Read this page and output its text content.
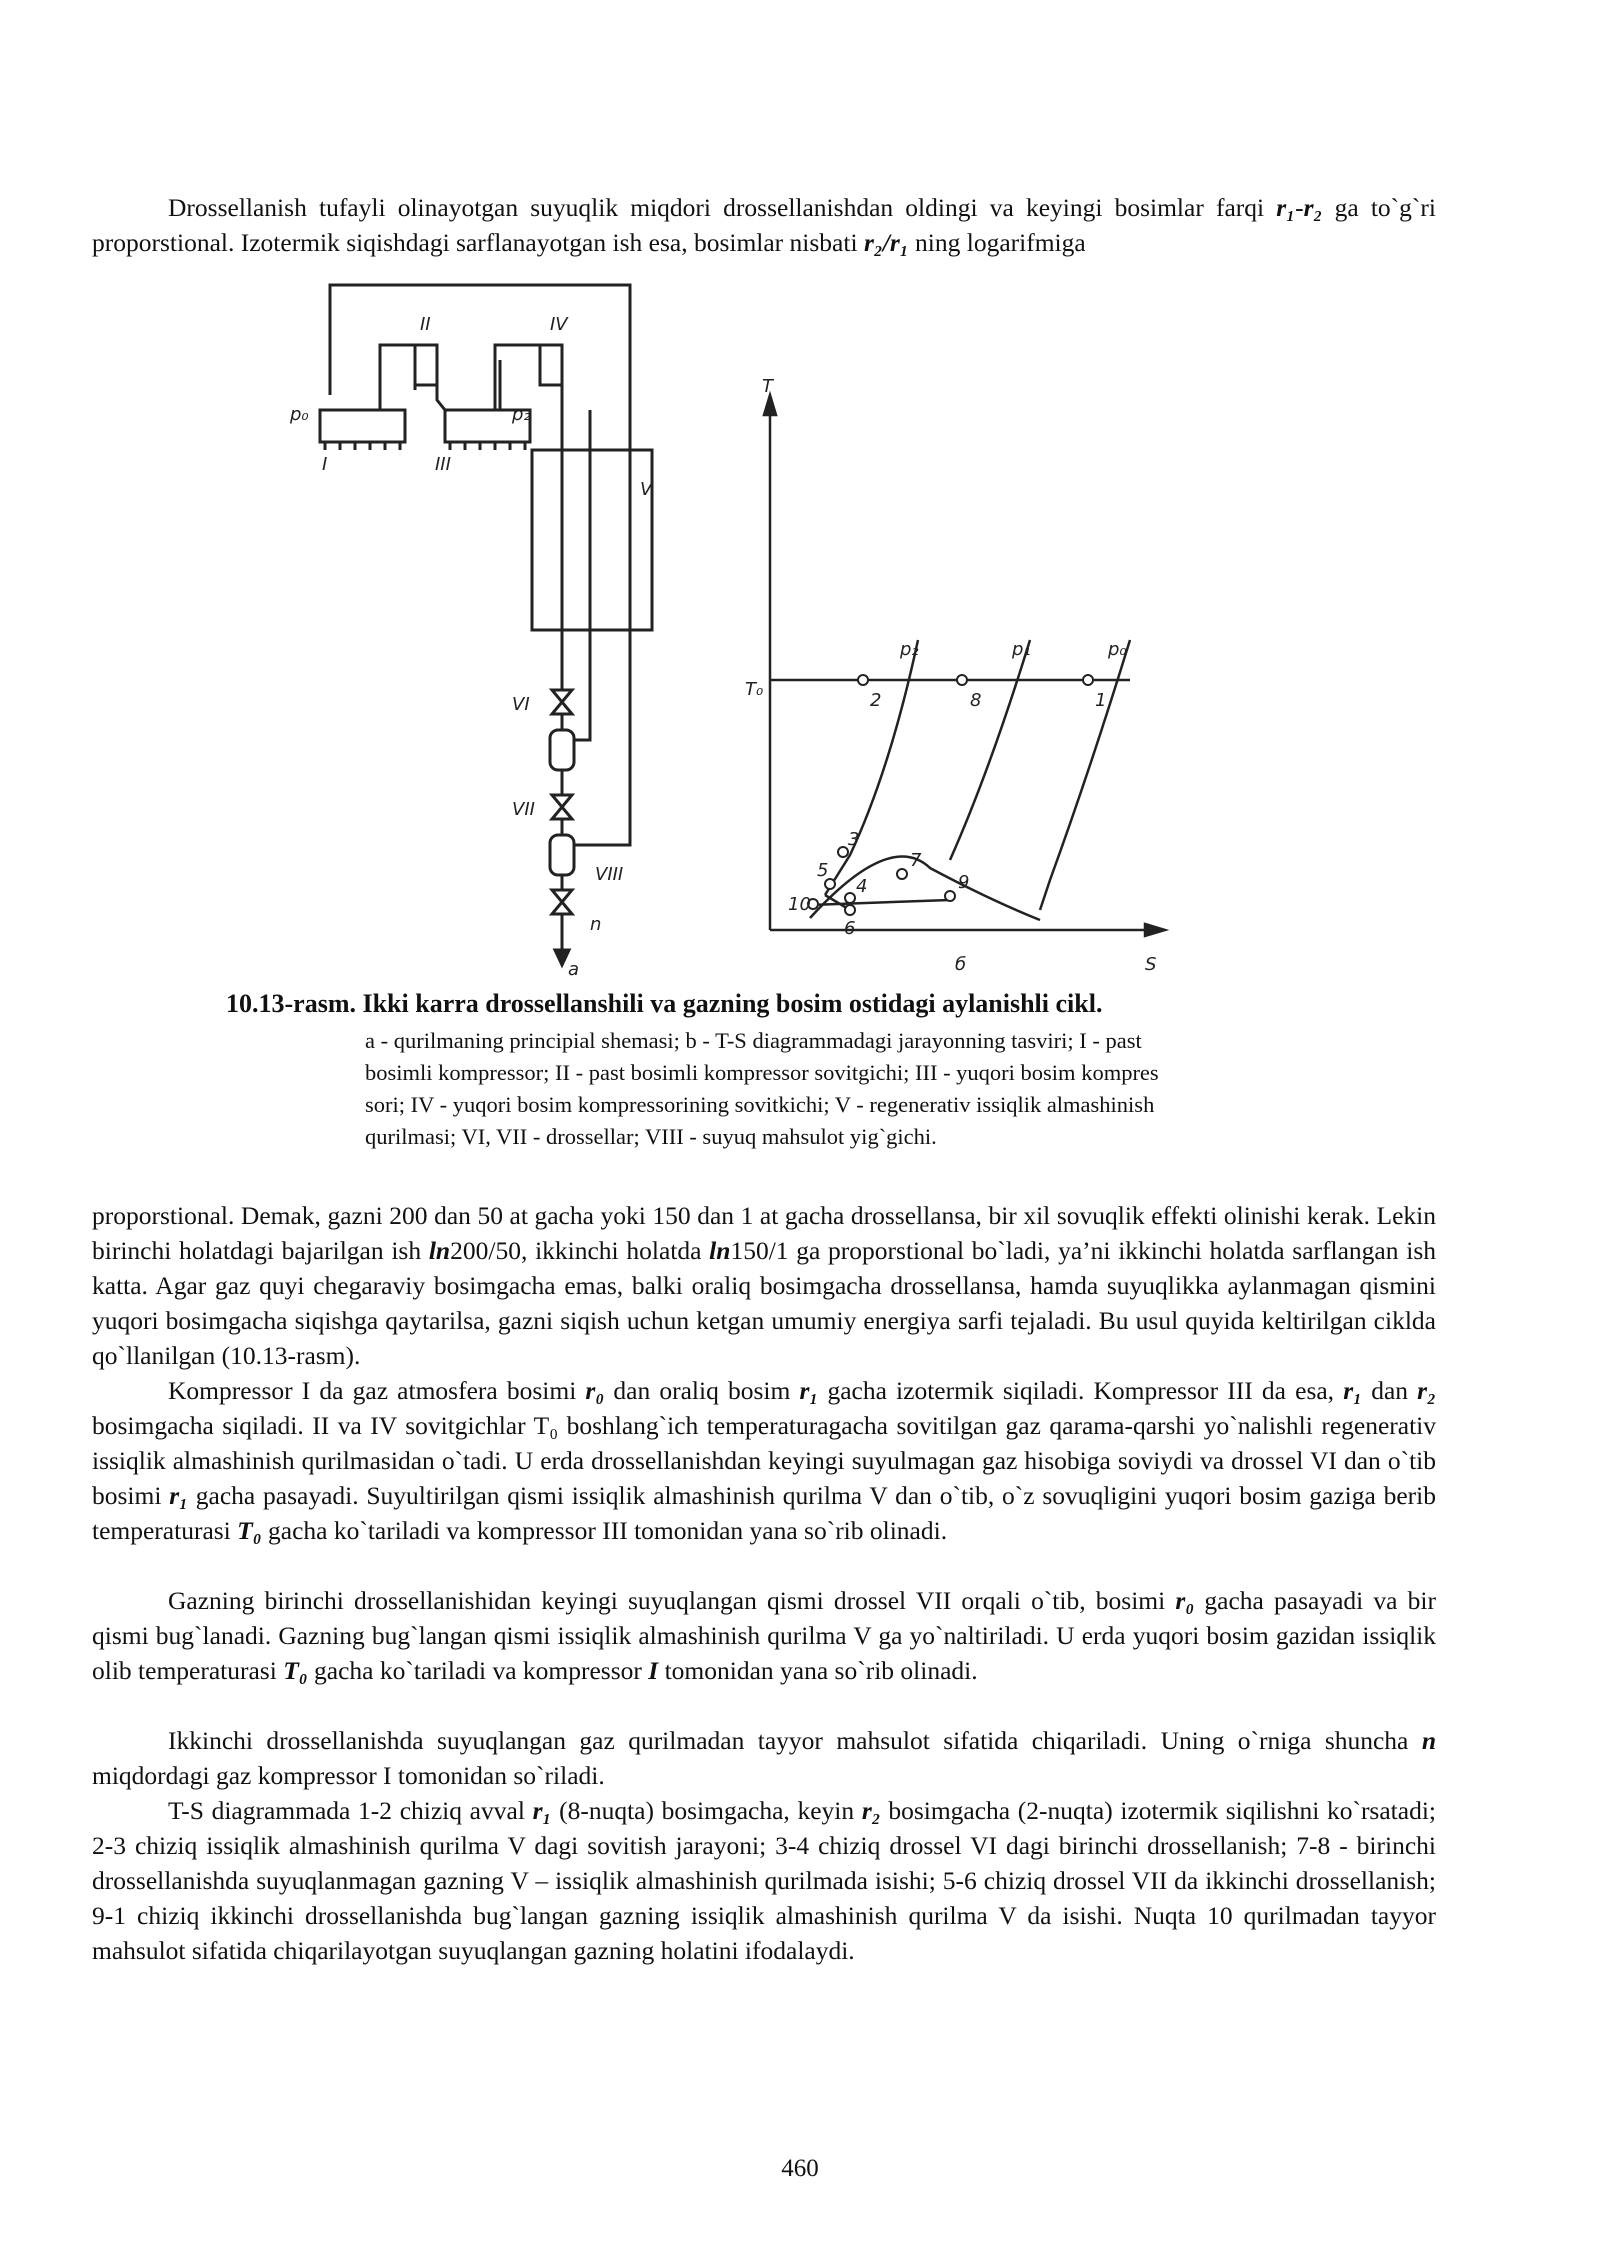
Drossellanish tufayli olinayotgan suyuqlik miqdori drossellanishdan oldingi va keyingi bosimlar farqi r₁-r₂ ga to`g`ri proporstional. Izotermik siqishdagi sarflanayotgan ish esa, bosimlar nisbati r₂/r₁ ning logarifmiga

a
V
p₀
I
II
III
IV
p₂
VI
VII
VIII
n
T
S
T₀
б
p₂	p₁	p₀
2	8	1
3
5
4
7
9
10
6
10.13-rasm. Ikki karra drossellanshili va gazning bosim ostidagi aylanishli cikl.
a - qurilmaning principial shemasi; b - T-S diagrammadagi jarayonning tasviri; I - past
bosimli kompressor; II - past bosimli kompressor sovitgichi; III - yuqori bosim kompres
sori; IV - yuqori bosim kompressorining sovitkichi; V - regenerativ issiqlik almashinish
qurilmasi; VI, VII - drossellar; VIII - suyuq mahsulot yig`gichi.

proporstional. Demak, gazni 200 dan 50 at gacha yoki 150 dan 1 at gacha drossellansa, bir xil sovuqlik effekti olinishi kerak. Lekin birinchi holatdagi bajarilgan ish ln200/50, ikkinchi holatda ln150/1 ga proporstional bo`ladi, ya’ni ikkinchi holatda sarflangan ish katta. Agar gaz quyi chegaraviy bosimgacha emas, balki oraliq bosimgacha drossellansa, hamda suyuqlikka aylanmagan qismini yuqori bosimgacha siqishga qaytarilsa, gazni siqish uchun ketgan umumiy energiya sarfi tejaladi. Bu usul quyida keltirilgan ciklda qo`llanilgan (10.13-rasm).

Kompressor I da gaz atmosfera bosimi r₀ dan oraliq bosim r₁ gacha izotermik siqiladi. Kompressor III da esa, r₁ dan r₂ bosimgacha siqiladi. II va IV sovitgichlar T₀ boshlang`ich temperaturagacha sovitilgan gaz qarama-qarshi yo`nalishli regenerativ issiqlik almashinish qurilmasidan o`tadi. U erda drossellanishdan keyingi suyulmagan gaz hisobiga soviydi va drossel VI dan o`tib bosimi r₁ gacha pasayadi. Suyultirilgan qismi issiqlik almashinish qurilma V dan o`tib, o`z sovuqligini yuqori bosim gaziga berib temperaturasi T₀ gacha ko`tariladi va kompressor III tomonidan yana so`rib olinadi.

Gazning birinchi drossellanishidan keyingi suyuqlangan qismi drossel VII orqali o`tib, bosimi r₀ gacha pasayadi va bir qismi bug`lanadi. Gazning bug`langan qismi issiqlik almashinish qurilma V ga yo`naltiriladi. U erda yuqori bosim gazidan issiqlik olib temperaturasi T₀ gacha ko`tariladi va kompressor I tomonidan yana so`rib olinadi.

Ikkinchi drossellanishda suyuqlangan gaz qurilmadan tayyor mahsulot sifatida chiqariladi. Uning o`rniga shuncha n miqdordagi gaz kompressor I tomonidan so`riladi.

T-S diagrammada 1-2 chiziq avval r₁ (8-nuqta) bosimgacha, keyin r₂ bosimgacha (2-nuqta) izotermik siqilishni ko`rsatadi; 2-3 chiziq issiqlik almashinish qurilma V dagi sovitish jarayoni; 3-4 chiziq drossel VI dagi birinchi drossellanish; 7-8 - birinchi drossellanishda suyuqlanmagan gazning V – issiqlik almashinish qurilmada isishi; 5-6 chiziq drossel VII da ikkinchi drossellanish; 9-1 chiziq ikkinchi drossellanishda bug`langan gazning issiqlik almashinish qurilma V da isishi. Nuqta 10 qurilmadan tayyor mahsulot sifatida chiqarilayotgan suyuqlangan gazning holatini ifodalaydi.

460
